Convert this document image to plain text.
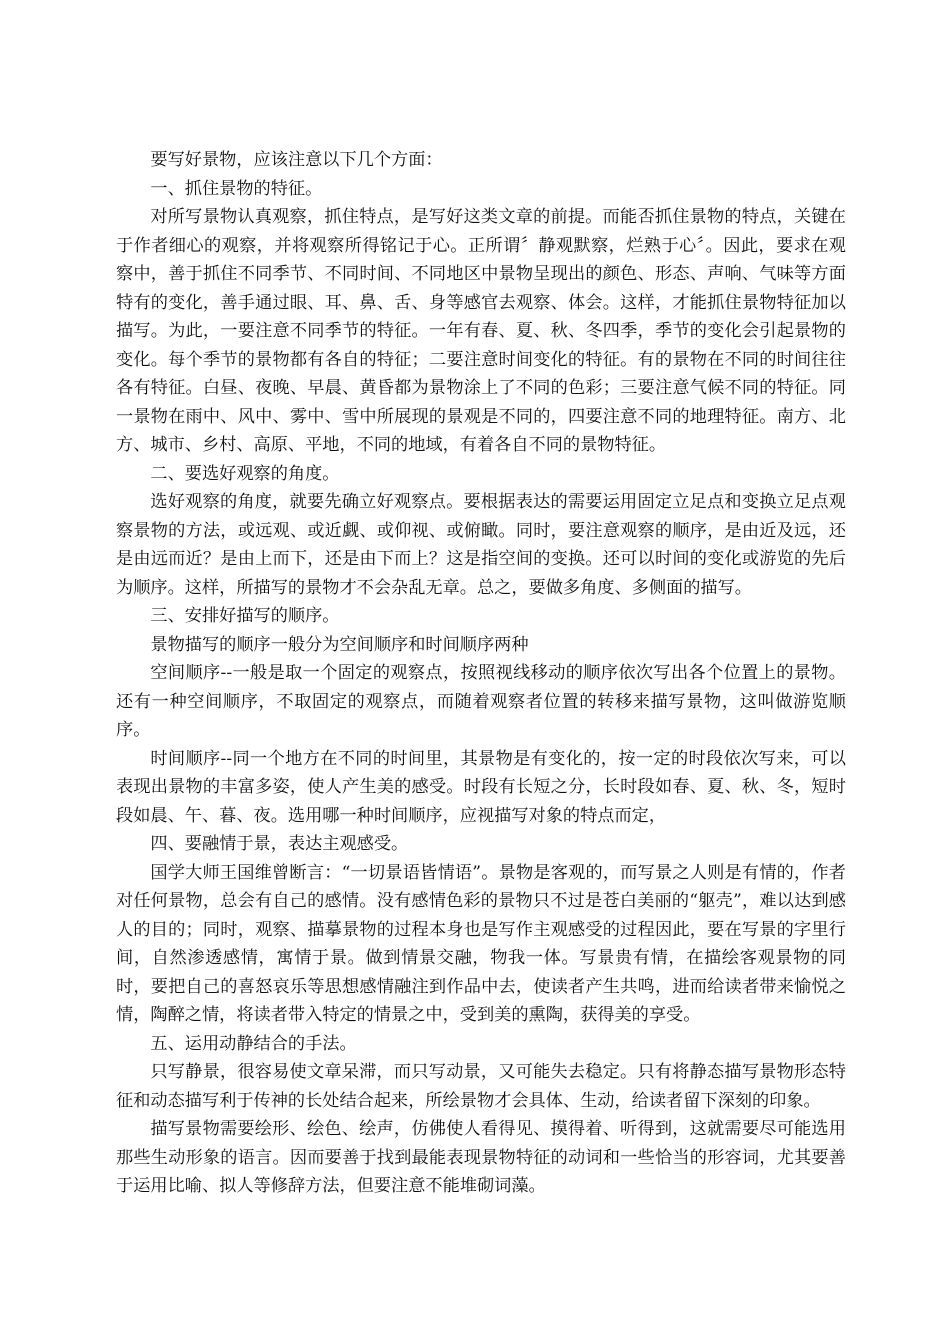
要写好景物，应该注意以下几个方面：

一、抓住景物的特征。

对所写景物认真观察，抓住特点，是写好这类文章的前提。而能否抓住景物的特点，关键在于作者细心的观察，并将观察所得铭记于心。正所谓〞静观默察，烂熟于心〞。因此，要求在观察中，善于抓住不同季节、不同时间、不同地区中景物呈现出的颜色、形态、声响、气味等方面特有的变化，善手通过眼、耳、鼻、舌、身等感官去观察、体会。这样，才能抓住景物特征加以描写。为此，一要注意不同季节的特征。一年有春、夏、秋、冬四季，季节的变化会引起景物的变化。每个季节的景物都有各自的特征；二要注意时间变化的特征。有的景物在不同的时间往往各有特征。白昼、夜晚、早晨、黄昏都为景物涂上了不同的色彩；三要注意气候不同的特征。同一景物在雨中、风中、雾中、雪中所展现的景观是不同的，四要注意不同的地理特征。南方、北方、城市、乡村、高原、平地，不同的地域，有着各自不同的景物特征。

二、要选好观察的角度。

选好观察的角度，就要先确立好观察点。要根据表达的需要运用固定立足点和变换立足点观察景物的方法，或远观、或近觑、或仰视、或俯瞰。同时，要注意观察的顺序，是由近及远，还是由远而近？是由上而下，还是由下而上？这是指空间的变换。还可以时间的变化或游览的先后为顺序。这样，所描写的景物才不会杂乱无章。总之，要做多角度、多侧面的描写。

三、安排好描写的顺序。

景物描写的顺序一般分为空间顺序和时间顺序两种

空间顺序--一般是取一个固定的观察点，按照视线移动的顺序依次写出各个位置上的景物。还有一种空间顺序，不取固定的观察点，而随着观察者位置的转移来描写景物，这叫做游览顺序。

时间顺序--同一个地方在不同的时间里，其景物是有变化的，按一定的时段依次写来，可以表现出景物的丰富多姿，使人产生美的感受。时段有长短之分，长时段如春、夏、秋、冬，短时段如晨、午、暮、夜。选用哪一种时间顺序，应视描写对象的特点而定，

四、要融情于景，表达主观感受。

国学大师王国维曾断言：“一切景语皆情语”。景物是客观的，而写景之人则是有情的，作者对任何景物，总会有自己的感情。没有感情色彩的景物只不过是苍白美丽的“躯壳”，难以达到感人的目的；同时，观察、描摹景物的过程本身也是写作主观感受的过程因此，要在写景的字里行间，自然渗透感情，寓情于景。做到情景交融，物我一体。写景贵有情，在描绘客观景物的同时，要把自己的喜怒哀乐等思想感情融注到作品中去，使读者产生共鸣，进而给读者带来愉悦之情，陶醉之情，将读者带入特定的情景之中，受到美的熏陶，获得美的享受。

五、运用动静结合的手法。

只写静景，很容易使文章呆滞，而只写动景，又可能失去稳定。只有将静态描写景物形态特征和动态描写利于传神的长处结合起来，所绘景物才会具体、生动，给读者留下深刻的印象。

描写景物需要绘形、绘色、绘声，仿佛使人看得见、摸得着、听得到，这就需要尽可能选用那些生动形象的语言。因而要善于找到最能表现景物特征的动词和一些恰当的形容词，尤其要善于运用比喻、拟人等修辞方法，但要注意不能堆砌词藻。
